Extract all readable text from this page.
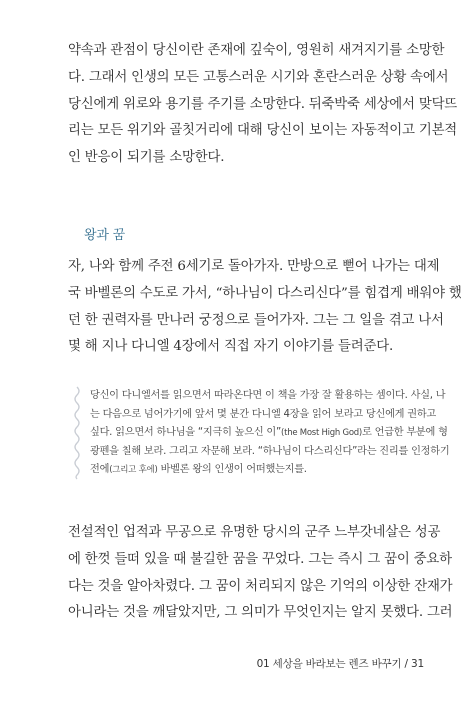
약속과 관점이 당신이란 존재에 깊숙이, 영원히 새겨지기를 소망한
다. 그래서 인생의 모든 고통스러운 시기와 혼란스러운 상황 속에서
당신에게 위로와 용기를 주기를 소망한다. 뒤죽박죽 세상에서 맞닥뜨
리는 모든 위기와 골칫거리에 대해 당신이 보이는 자동적이고 기본적
인 반응이 되기를 소망한다.

왕과 꿈

자, 나와 함께 주전 6세기로 돌아가자. 만방으로 뻗어 나가는 대제
국 바벨론의 수도로 가서, “하나님이 다스리신다”를 힘겹게 배워야 했
던 한 권력자를 만나러 궁정으로 들어가자. 그는 그 일을 겪고 나서
몇 해 지나 다니엘 4장에서 직접 자기 이야기를 들려준다.

당신이 다니엘서를 읽으면서 따라온다면 이 책을 가장 잘 활용하는 셈이다. 사실, 나
는 다음으로 넘어가기에 앞서 몇 분간 다니엘 4장을 읽어 보라고 당신에게 권하고
싶다. 읽으면서 하나님을 “지극히 높으신 이”(the Most High God)로 언급한 부분에 형
광펜을 칠해 보라. 그리고 자문해 보라. “하나님이 다스리신다”라는 진리를 인정하기
전에(그리고 후에) 바벨론 왕의 인생이 어떠했는지를.

전설적인 업적과 무공으로 유명한 당시의 군주 느부갓네살은 성공
에 한껏 들떠 있을 때 불길한 꿈을 꾸었다. 그는 즉시 그 꿈이 중요하
다는 것을 알아차렸다. 그 꿈이 처리되지 않은 기억의 이상한 잔재가
아니라는 것을 깨달았지만, 그 의미가 무엇인지는 알지 못했다. 그러

01 세상을 바라보는 렌즈 바꾸기 / 31
